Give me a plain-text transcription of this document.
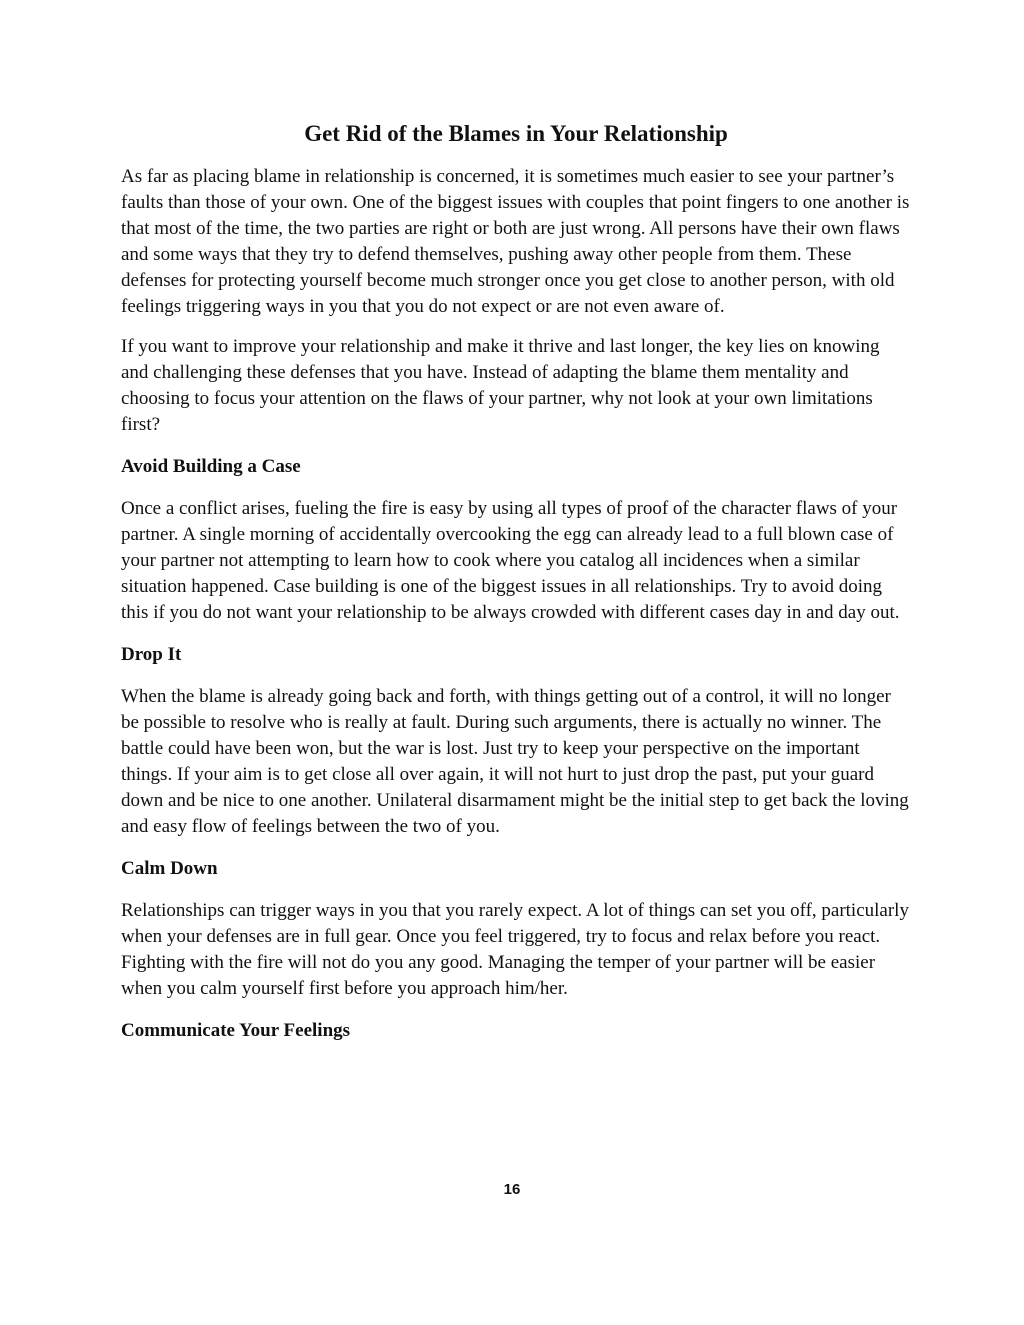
Get Rid of the Blames in Your Relationship

As far as placing blame in relationship is concerned, it is sometimes much easier to see your partner’s faults than those of your own. One of the biggest issues with couples that point fingers to one another is that most of the time, the two parties are right or both are just wrong. All persons have their own flaws and some ways that they try to defend themselves, pushing away other people from them. These defenses for protecting yourself become much stronger once you get close to another person, with old feelings triggering ways in you that you do not expect or are not even aware of.

If you want to improve your relationship and make it thrive and last longer, the key lies on knowing and challenging these defenses that you have. Instead of adapting the blame them mentality and choosing to focus your attention on the flaws of your partner, why not look at your own limitations first?

Avoid Building a Case

Once a conflict arises, fueling the fire is easy by using all types of proof of the character flaws of your partner. A single morning of accidentally overcooking the egg can already lead to a full blown case of your partner not attempting to learn how to cook where you catalog all incidences when a similar situation happened. Case building is one of the biggest issues in all relationships. Try to avoid doing this if you do not want your relationship to be always crowded with different cases day in and day out.

Drop It

When the blame is already going back and forth, with things getting out of a control, it will no longer be possible to resolve who is really at fault. During such arguments, there is actually no winner. The battle could have been won, but the war is lost. Just try to keep your perspective on the important things. If your aim is to get close all over again, it will not hurt to just drop the past, put your guard down and be nice to one another. Unilateral disarmament might be the initial step to get back the loving and easy flow of feelings between the two of you.

Calm Down

Relationships can trigger ways in you that you rarely expect. A lot of things can set you off, particularly when your defenses are in full gear. Once you feel triggered, try to focus and relax before you react. Fighting with the fire will not do you any good. Managing the temper of your partner will be easier when you calm yourself first before you approach him/her.

Communicate Your Feelings
16
